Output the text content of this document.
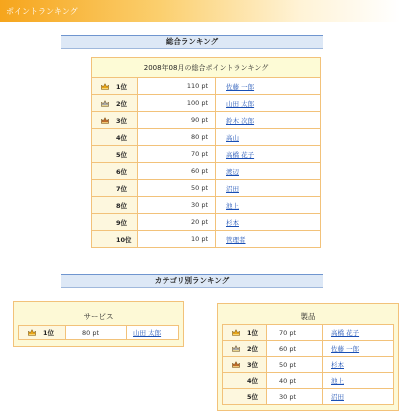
ポイントランキング
総合ランキング
2008年08月の総合ポイントランキング		
1位	110 pt	佐藤 一郎
2位	100 pt	山田 太郎
3位	90 pt	鈴木 次郎
4位	80 pt	高山
5位	70 pt	高橋 花子
6位	60 pt	渡辺
7位	50 pt	沼田
8位	30 pt	池上
9位	20 pt	杉本
10位	10 pt	管理者
カテゴリ別ランキング
サービス
1位	80 pt	山田 太郎
製品
1位	70 pt	高橋 花子
2位	60 pt	佐藤 一郎
3位	50 pt	杉本
4位	40 pt	池上
5位	30 pt	沼田
